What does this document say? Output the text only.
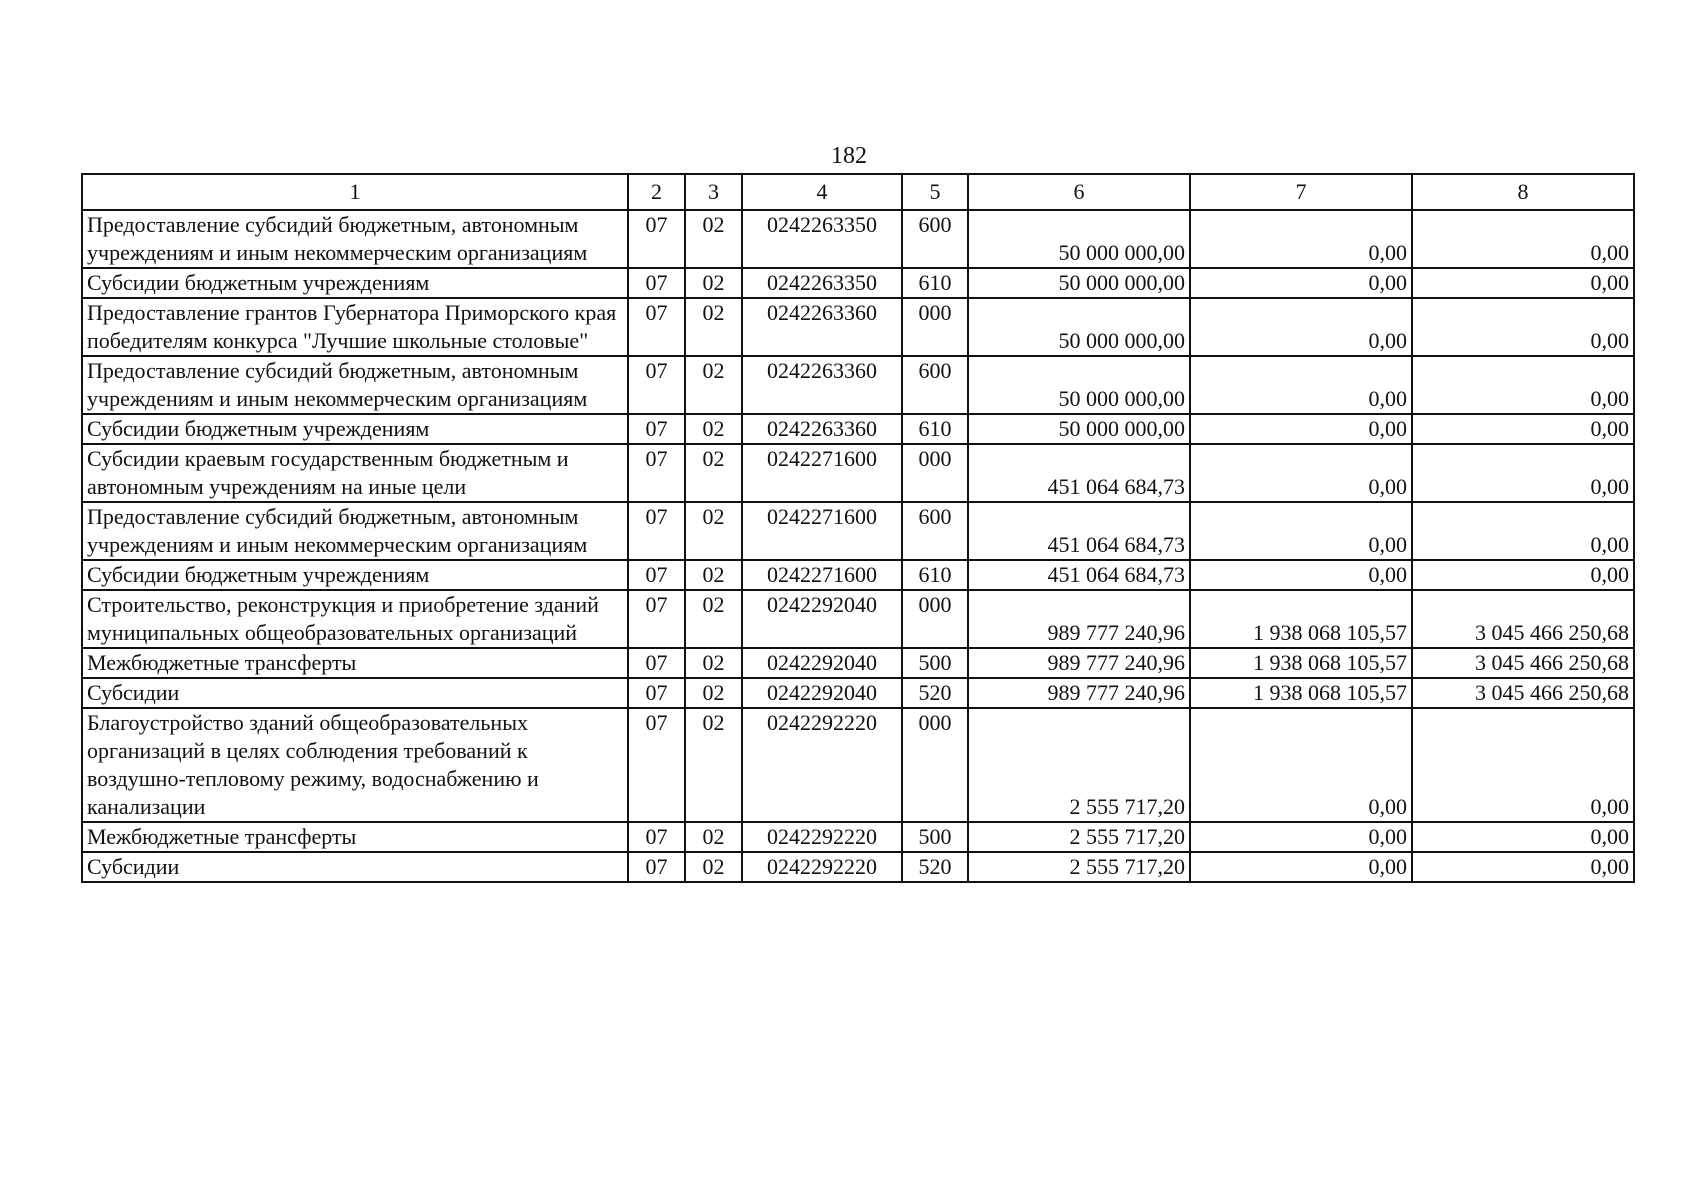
182
1	2	3	4	5	6	7	8
Предоставление субсидий бюджетным, автономным учреждениям и иным некоммерческим организациям	07	02	0242263350	600	50 000 000,00	0,00	0,00
Субсидии бюджетным учреждениям	07	02	0242263350	610	50 000 000,00	0,00	0,00
Предоставление грантов Губернатора Приморского края победителям конкурса "Лучшие школьные столовые"	07	02	0242263360	000	50 000 000,00	0,00	0,00
Предоставление субсидий бюджетным, автономным учреждениям и иным некоммерческим организациям	07	02	0242263360	600	50 000 000,00	0,00	0,00
Субсидии бюджетным учреждениям	07	02	0242263360	610	50 000 000,00	0,00	0,00
Субсидии краевым государственным бюджетным и автономным учреждениям на иные цели	07	02	0242271600	000	451 064 684,73	0,00	0,00
Предоставление субсидий бюджетным, автономным учреждениям и иным некоммерческим организациям	07	02	0242271600	600	451 064 684,73	0,00	0,00
Субсидии бюджетным учреждениям	07	02	0242271600	610	451 064 684,73	0,00	0,00
Строительство, реконструкция и приобретение зданий муниципальных общеобразовательных организаций	07	02	0242292040	000	989 777 240,96	1 938 068 105,57	3 045 466 250,68
Межбюджетные трансферты	07	02	0242292040	500	989 777 240,96	1 938 068 105,57	3 045 466 250,68
Субсидии	07	02	0242292040	520	989 777 240,96	1 938 068 105,57	3 045 466 250,68
Благоустройство зданий общеобразовательных организаций в целях соблюдения требований к воздушно-тепловому режиму, водоснабжению и канализации	07	02	0242292220	000	2 555 717,20	0,00	0,00
Межбюджетные трансферты	07	02	0242292220	500	2 555 717,20	0,00	0,00
Субсидии	07	02	0242292220	520	2 555 717,20	0,00	0,00
